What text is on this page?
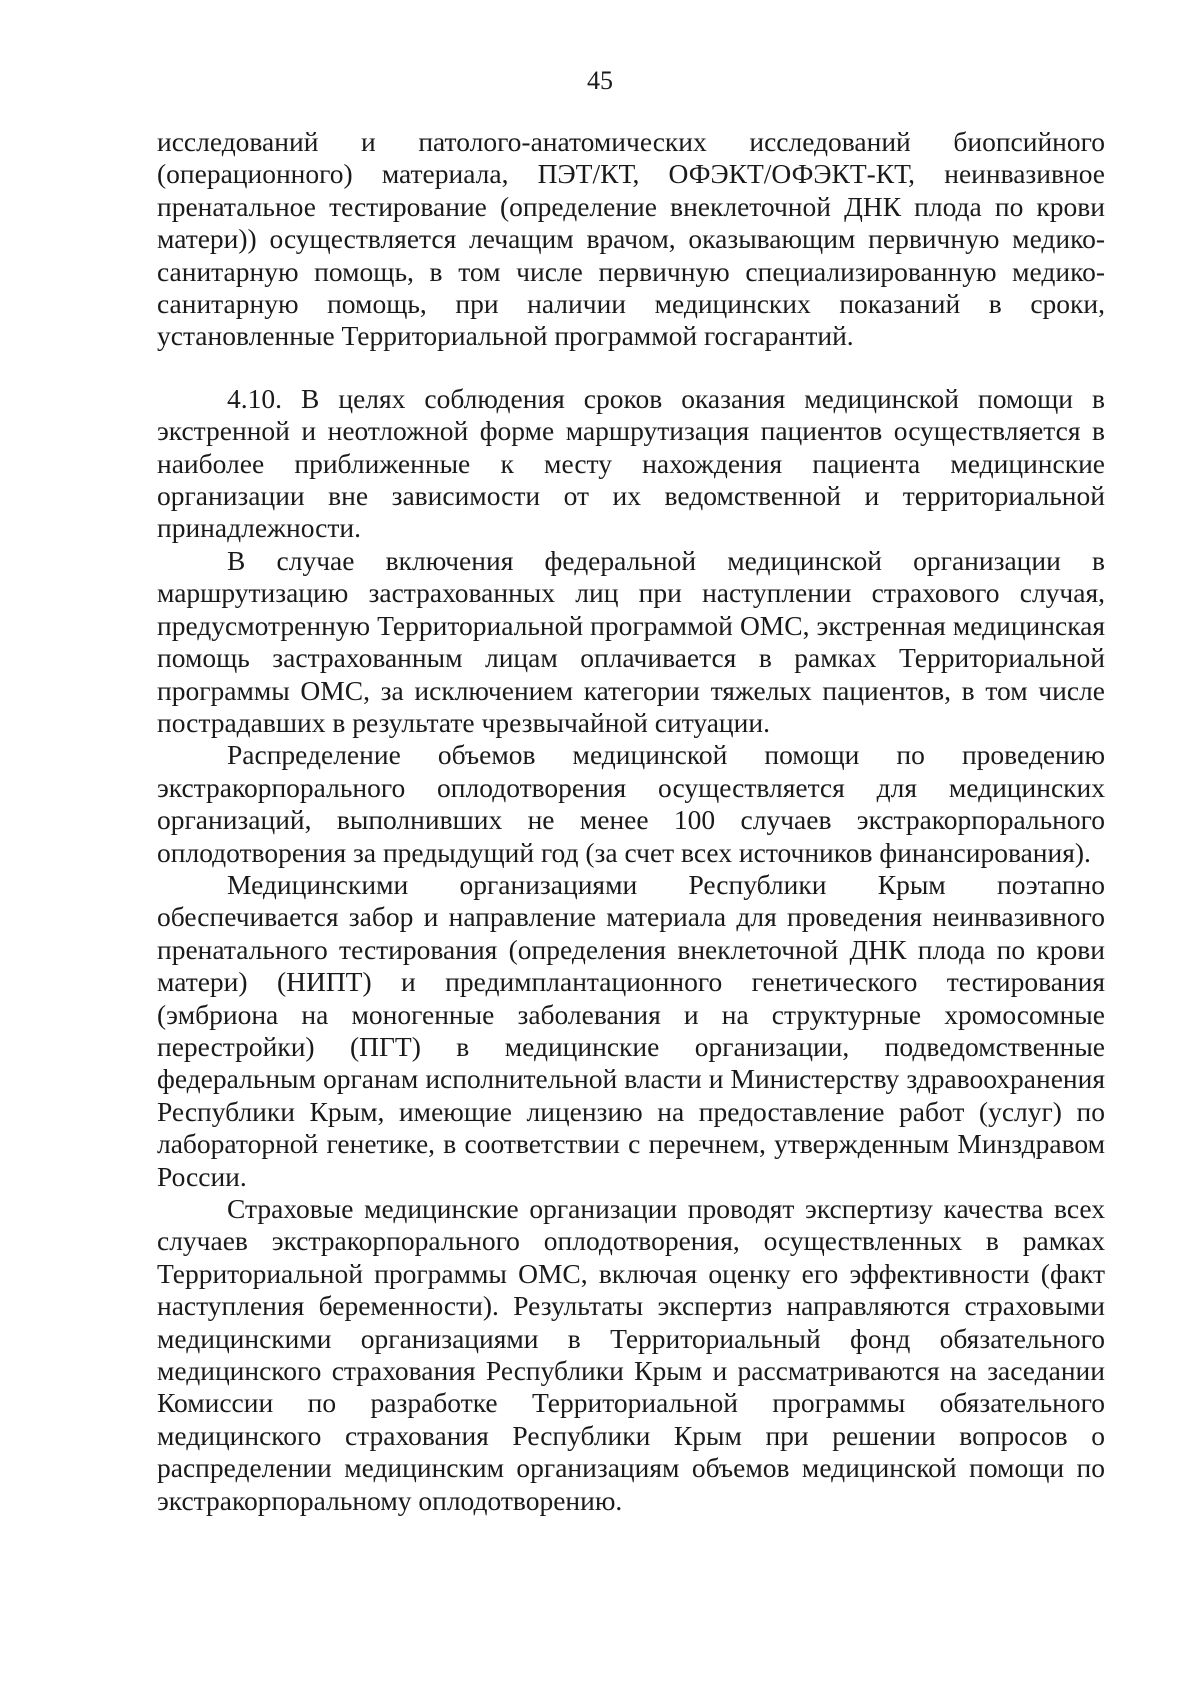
45

исследований и патолого-анатомических исследований биопсийного (операционного) материала, ПЭТ/КТ, ОФЭКТ/ОФЭКТ-КТ, неинвазивное пренатальное тестирование (определение внеклеточной ДНК плода по крови матери)) осуществляется лечащим врачом, оказывающим первичную медико-санитарную помощь, в том числе первичную специализированную медико-санитарную помощь, при наличии медицинских показаний в сроки, установленные Территориальной программой госгарантий.

4.10. В целях соблюдения сроков оказания медицинской помощи в экстренной и неотложной форме маршрутизация пациентов осуществляется в наиболее приближенные к месту нахождения пациента медицинские организации вне зависимости от их ведомственной и территориальной принадлежности.

В случае включения федеральной медицинской организации в маршрутизацию застрахованных лиц при наступлении страхового случая, предусмотренную Территориальной программой ОМС, экстренная медицинская помощь застрахованным лицам оплачивается в рамках Территориальной программы ОМС, за исключением категории тяжелых пациентов, в том числе пострадавших в результате чрезвычайной ситуации.

Распределение объемов медицинской помощи по проведению экстракорпорального оплодотворения осуществляется для медицинских организаций, выполнивших не менее 100 случаев экстракорпорального оплодотворения за предыдущий год (за счет всех источников финансирования).

Медицинскими организациями Республики Крым поэтапно обеспечивается забор и направление материала для проведения неинвазивного пренатального тестирования (определения внеклеточной ДНК плода по крови матери) (НИПТ) и предимплантационного генетического тестирования (эмбриона на моногенные заболевания и на структурные хромосомные перестройки) (ПГТ) в медицинские организации, подведомственные федеральным органам исполнительной власти и Министерству здравоохранения Республики Крым, имеющие лицензию на предоставление работ (услуг) по лабораторной генетике, в соответствии с перечнем, утвержденным Минздравом России.

Страховые медицинские организации проводят экспертизу качества всех случаев экстракорпорального оплодотворения, осуществленных в рамках Территориальной программы ОМС, включая оценку его эффективности (факт наступления беременности). Результаты экспертиз направляются страховыми медицинскими организациями в Территориальный фонд обязательного медицинского страхования Республики Крым и рассматриваются на заседании Комиссии по разработке Территориальной программы обязательного медицинского страхования Республики Крым при решении вопросов о распределении медицинским организациям объемов медицинской помощи по экстракорпоральному оплодотворению.
